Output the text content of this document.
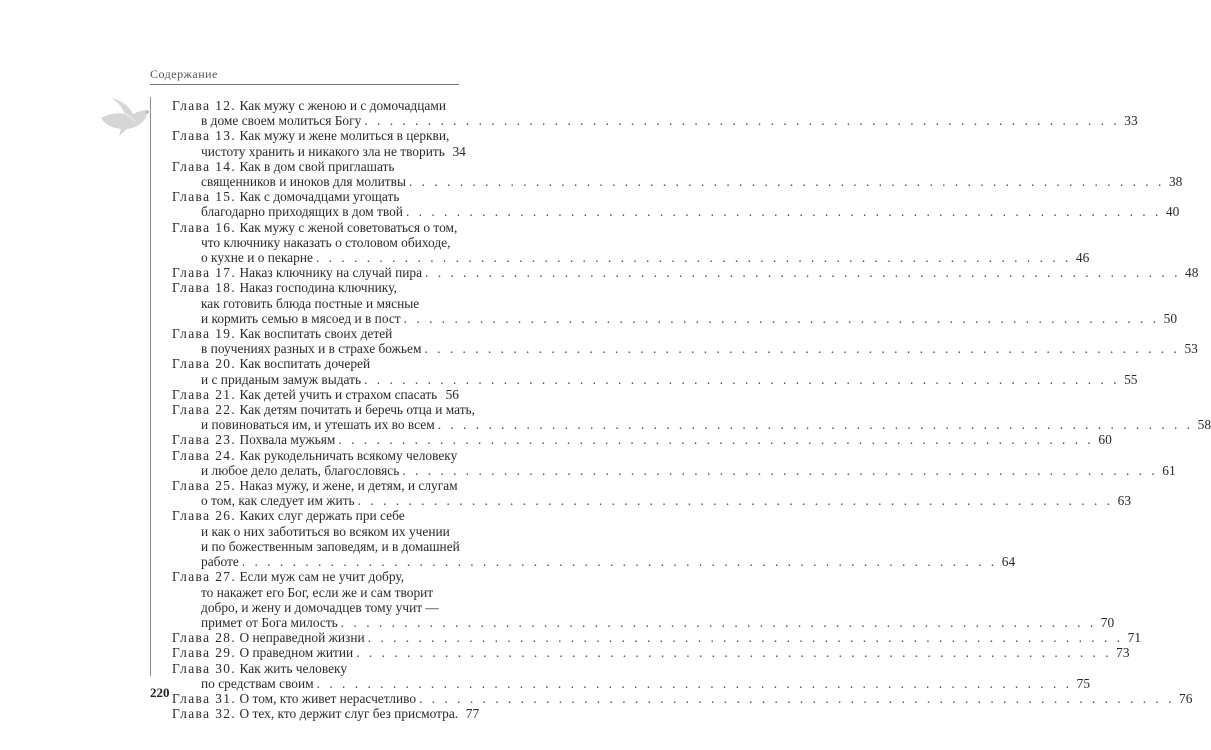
Содержание
Глава 12. Как мужу с женою и с домочадцами
в доме своем молиться Богу . . . . . . . . . . . . . . . . . . . . . . . . . . . . . . . . . . . . . . . . . . . . . . . . . . . . . . . . . . . . 33
Глава 13. Как мужу и жене молиться в церкви,
чистоту хранить и никакого зла не творить 34
Глава 14. Как в дом свой приглашать
священников и иноков для молитвы . . . . . . . . . . . . . . . . . . . . . . . . . . . . . . . . . . . . . . . . . . . . . . . . . . . . . . . . . . . . 38
Глава 15. Как с домочадцами угощать
благодарно приходящих в дом твой . . . . . . . . . . . . . . . . . . . . . . . . . . . . . . . . . . . . . . . . . . . . . . . . . . . . . . . . . . . . 40
Глава 16. Как мужу с женой советоваться о том,
что ключнику наказать о столовом обиходе,
о кухне и о пекарне . . . . . . . . . . . . . . . . . . . . . . . . . . . . . . . . . . . . . . . . . . . . . . . . . . . . . . . . . . . . 46
Глава 17. Наказ ключнику на случай пира . . . . . . . . . . . . . . . . . . . . . . . . . . . . . . . . . . . . . . . . . . . . . . . . . . . . . . . . . . . . 48
Глава 18. Наказ господина ключнику,
как готовить блюда постные и мясные
и кормить семью в мясоед и в пост . . . . . . . . . . . . . . . . . . . . . . . . . . . . . . . . . . . . . . . . . . . . . . . . . . . . . . . . . . . . 50
Глава 19. Как воспитать своих детей
в поучениях разных и в страхе божьем . . . . . . . . . . . . . . . . . . . . . . . . . . . . . . . . . . . . . . . . . . . . . . . . . . . . . . . . . . . . 53
Глава 20. Как воспитать дочерей
и с приданым замуж выдать . . . . . . . . . . . . . . . . . . . . . . . . . . . . . . . . . . . . . . . . . . . . . . . . . . . . . . . . . . . . 55
Глава 21. Как детей учить и страхом спасать 56
Глава 22. Как детям почитать и беречь отца и мать,
и повиноваться им, и утешать их во всем . . . . . . . . . . . . . . . . . . . . . . . . . . . . . . . . . . . . . . . . . . . . . . . . . . . . . . . . . . . . 58
Глава 23. Похвала мужьям . . . . . . . . . . . . . . . . . . . . . . . . . . . . . . . . . . . . . . . . . . . . . . . . . . . . . . . . . . . . 60
Глава 24. Как рукодельничать всякому человеку
и любое дело делать, благословясь . . . . . . . . . . . . . . . . . . . . . . . . . . . . . . . . . . . . . . . . . . . . . . . . . . . . . . . . . . . . 61
Глава 25. Наказ мужу, и жене, и детям, и слугам
о том, как следует им жить . . . . . . . . . . . . . . . . . . . . . . . . . . . . . . . . . . . . . . . . . . . . . . . . . . . . . . . . . . . . 63
Глава 26. Каких слуг держать при себе
и как о них заботиться во всяком их учении
и по божественным заповедям, и в домашней
работе . . . . . . . . . . . . . . . . . . . . . . . . . . . . . . . . . . . . . . . . . . . . . . . . . . . . . . . . . . . . 64
Глава 27. Если муж сам не учит добру,
то накажет его Бог, если же и сам творит
добро, и жену и домочадцев тому учит —
примет от Бога милость . . . . . . . . . . . . . . . . . . . . . . . . . . . . . . . . . . . . . . . . . . . . . . . . . . . . . . . . . . . . 70
Глава 28. О неправедной жизни . . . . . . . . . . . . . . . . . . . . . . . . . . . . . . . . . . . . . . . . . . . . . . . . . . . . . . . . . . . . 71
Глава 29. О праведном житии . . . . . . . . . . . . . . . . . . . . . . . . . . . . . . . . . . . . . . . . . . . . . . . . . . . . . . . . . . . . 73
Глава 30. Как жить человеку
по средствам своим . . . . . . . . . . . . . . . . . . . . . . . . . . . . . . . . . . . . . . . . . . . . . . . . . . . . . . . . . . . . 75
Глава 31. О том, кто живет нерасчетливо . . . . . . . . . . . . . . . . . . . . . . . . . . . . . . . . . . . . . . . . . . . . . . . . . . . . . . . . . . . . 76
Глава 32. О тех, кто держит слуг без присмотра. 77
220
